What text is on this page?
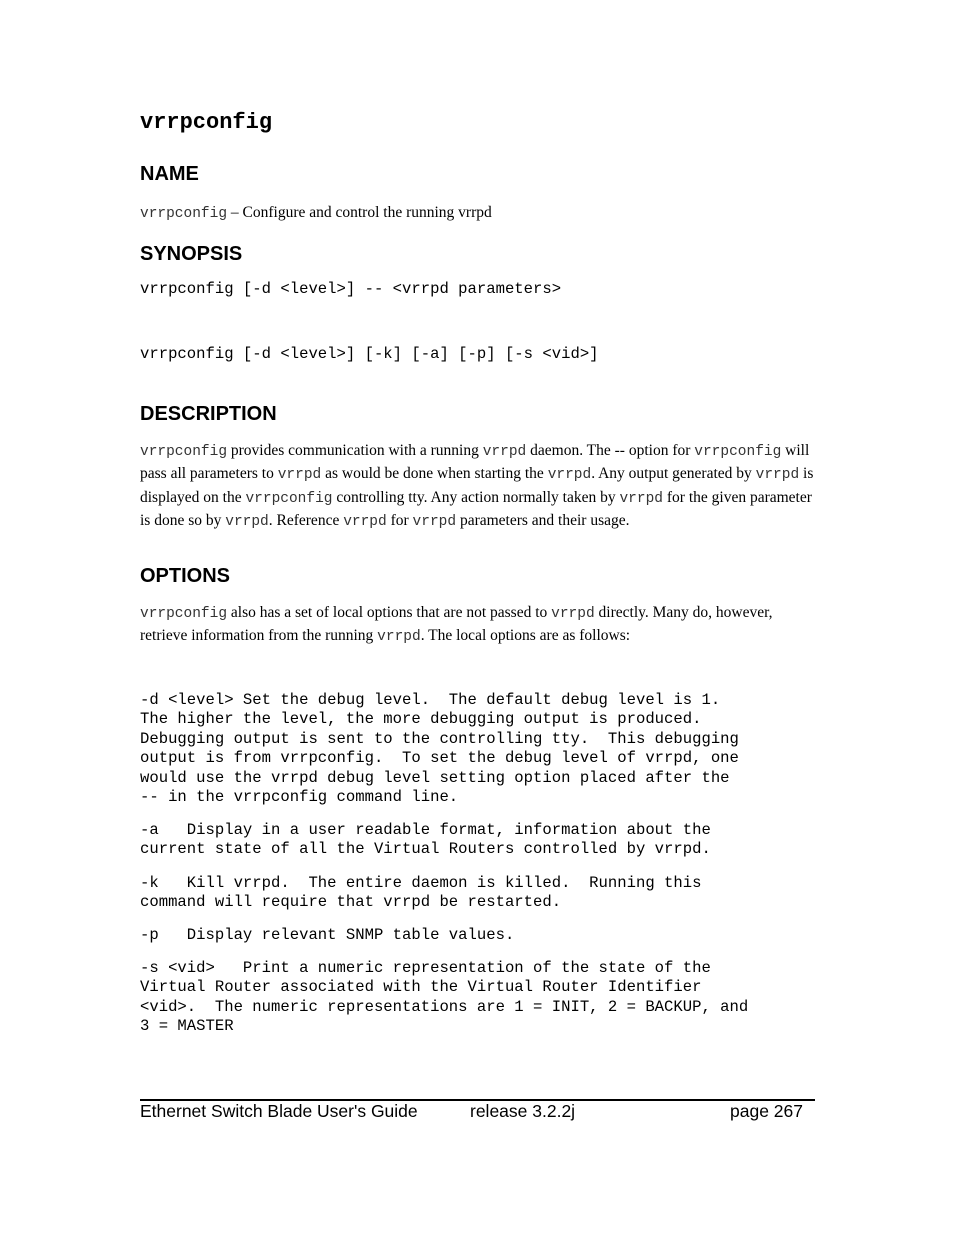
vrrpconfig
NAME
vrrpconfig – Configure and control the running vrrpd
SYNOPSIS
vrrpconfig [-d <level>] -- <vrrpd parameters>
vrrpconfig [-d <level>] [-k] [-a] [-p] [-s <vid>]
DESCRIPTION
vrrpconfig provides communication with a running vrrpd daemon. The -- option for vrrpconfig will pass all parameters to vrrpd as would be done when starting the vrrpd. Any output generated by vrrpd is displayed on the vrrpconfig controlling tty. Any action normally taken by vrrpd for the given parameter is done so by vrrpd. Reference vrrpd for vrrpd parameters and their usage.
OPTIONS
vrrpconfig also has a set of local options that are not passed to vrrpd directly. Many do, however, retrieve information from the running vrrpd. The local options are as follows:
-d <level> Set the debug level.  The default debug level is 1.
The higher the level, the more debugging output is produced.
Debugging output is sent to the controlling tty.  This debugging
output is from vrrpconfig.  To set the debug level of vrrpd, one
would use the vrrpd debug level setting option placed after the
-- in the vrrpconfig command line.
-a   Display in a user readable format, information about the
current state of all the Virtual Routers controlled by vrrpd.
-k   Kill vrrpd.  The entire daemon is killed.  Running this
command will require that vrrpd be restarted.
-p   Display relevant SNMP table values.
-s <vid>   Print a numeric representation of the state of the
Virtual Router associated with the Virtual Router Identifier
<vid>.  The numeric representations are 1 = INIT, 2 = BACKUP, and
3 = MASTER
Ethernet Switch Blade User's Guide	release 3.2.2j	page 267
